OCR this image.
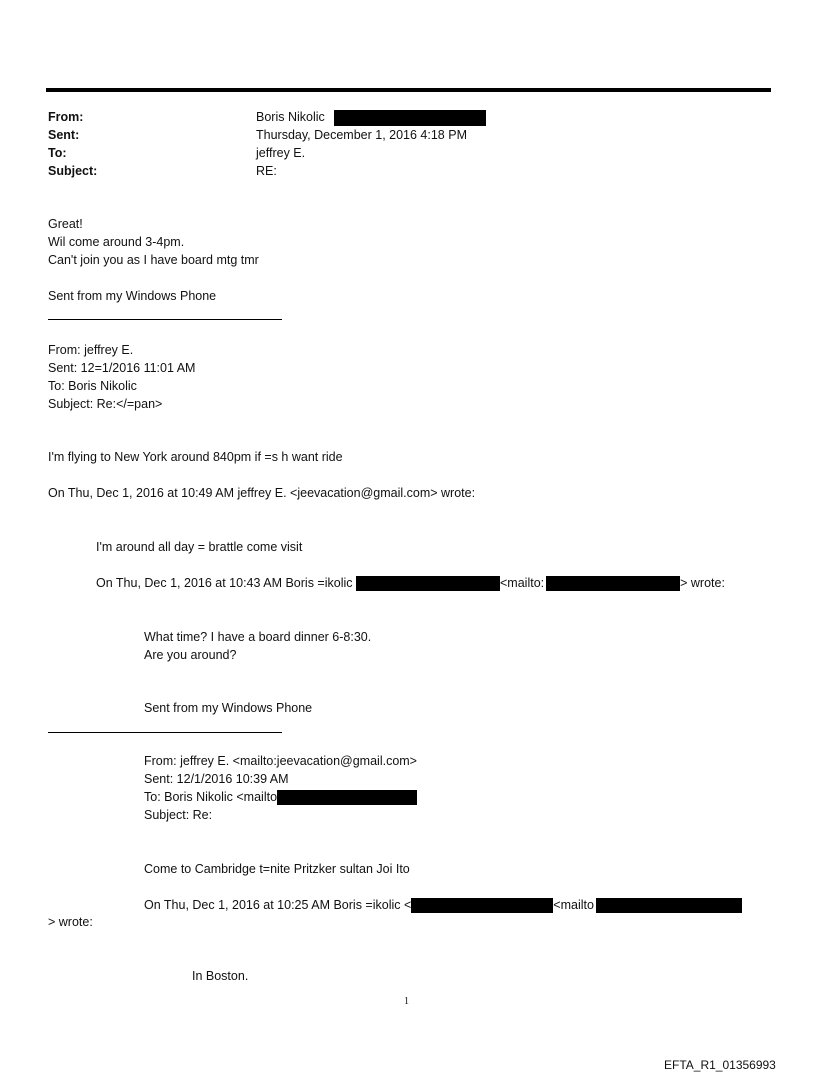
From:	Boris Nikolic
Sent:	Thursday, December 1, 2016 4:18 PM
To:	jeffrey E.
Subject:	RE:
Great!
Wil come around 3-4pm.
Can't join you as I have board mtg tmr
Sent from my Windows Phone
From: jeffrey E.
Sent: 12=1/2016 11:01 AM
To: Boris Nikolic
Subject: Re:</=pan>
I'm flying to New York around 840pm if =s h want ride
On Thu, Dec 1, 2016 at 10:49 AM jeffrey E. <jeevacation@gmail.com> wrote:
I'm around all day = brattle come visit
On Thu, Dec 1, 2016 at 10:43 AM Boris =ikolic	<mailto:	> wrote:
What time? I have a board dinner 6-8:30.
Are you around?
Sent from my Windows Phone
From: jeffrey E. <mailto:jeevacation@gmail.com>
Sent: 12/1/2016 10:39 AM
To: Boris Nikolic <mailto
Subject: Re:
Come to Cambridge t=nite Pritzker sultan Joi Ito
On Thu, Dec 1, 2016 at 10:25 AM Boris =ikolic <	<mailto
> wrote:
In Boston.
1
EFTA_R1_01356993
